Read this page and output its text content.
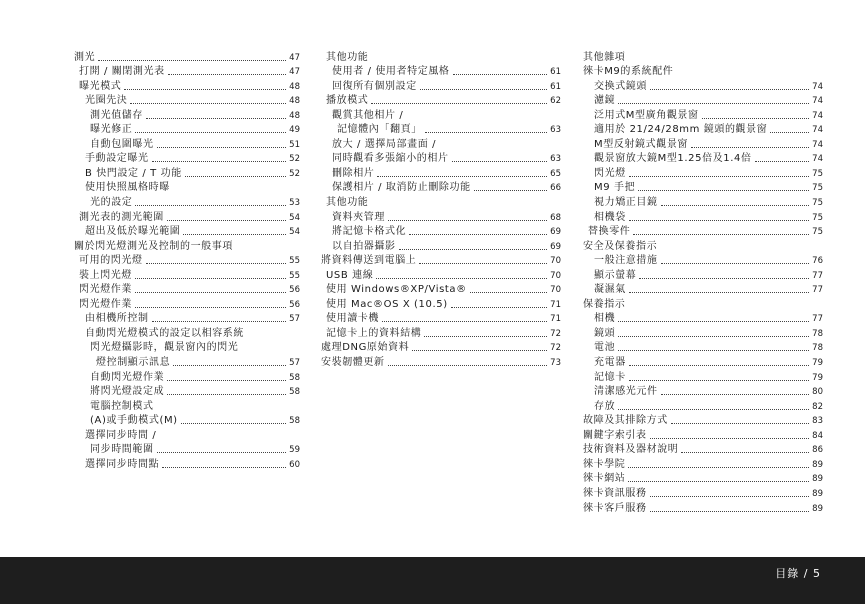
測光	47
打開 / 關閉測光表	47
曝光模式	48
光圈先決	48
測光值儲存	48
曝光修正	49
自動包圍曝光	51
手動設定曝光	52
B 快門設定 / T 功能	52
使用快照風格時曝
光的設定	53
測光表的測光範圍	54
超出及低於曝光範圍	54
關於閃光燈測光及控制的一般事項
可用的閃光燈	55
裝上閃光燈	55
閃光燈作業	56
閃光燈作業	56
由相機所控制	57
自動閃光燈模式的設定以相容系統
閃光燈攝影時，觀景窗內的閃光
燈控制顯示訊息	57
自動閃光燈作業	58
將閃光燈設定成	58
電腦控制模式
(A)或手動模式(M)	58
選擇同步時間 /
同步時間範圍	59
選擇同步時間點	60
其他功能
使用者 / 使用者特定風格	61
回復所有個別設定	61
播放模式	62
觀賞其他相片 /
記憶體內「翻頁」	63
放大 / 選擇局部畫面 /
同時觀看多張縮小的相片	63
刪除相片	65
保護相片 / 取消防止刪除功能	66
其他功能
資料夾管理	68
將記憶卡格式化	69
以自拍器攝影	69
將資料傳送到電腦上	70
USB 連線	70
使用 Windows®XP/Vista®	70
使用 Mac®OS X (10.5)	71
使用讀卡機	71
記憶卡上的資料結構	72
處理DNG原始資料	72
安裝韌體更新	73
其他雜項
徠卡M9的系統配件
交換式鏡頭	74
濾鏡	74
泛用式M型廣角觀景窗	74
適用於 21/24/28mm 鏡頭的觀景窗	74
M型反射鏡式觀景窗	74
觀景窗放大鏡M型1.25倍及1.4倍	74
閃光燈	75
M9 手把	75
視力矯正目鏡	75
相機袋	75
替換零件	75
安全及保養指示
一般注意措施	76
顯示螢幕	77
凝濕氣	77
保養指示
相機	77
鏡頭	78
電池	78
充電器	79
記憶卡	79
清潔感光元件	80
存放	82
故障及其排除方式	83
關鍵字索引表	84
技術資料及器材說明	86
徠卡學院	89
徠卡網站	89
徠卡資訊服務	89
徠卡客戶服務	89
目錄 / 5
